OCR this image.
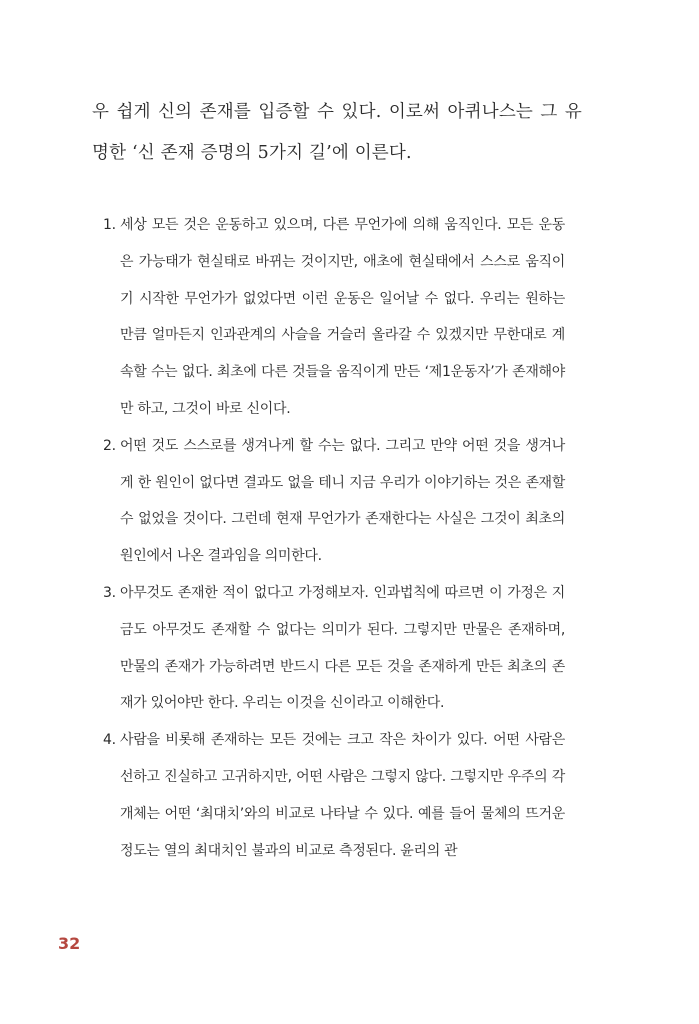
우 쉽게 신의 존재를 입증할 수 있다. 이로써 아퀴나스는 그 유명한 ‘신 존재 증명의 5가지 길’에 이른다.

1. 세상 모든 것은 운동하고 있으며, 다른 무언가에 의해 움직인다. 모든 운동은 가능태가 현실태로 바뀌는 것이지만, 애초에 현실태에서 스스로 움직이기 시작한 무언가가 없었다면 이런 운동은 일어날 수 없다. 우리는 원하는 만큼 얼마든지 인과관계의 사슬을 거슬러 올라갈 수 있겠지만 무한대로 계속할 수는 없다. 최초에 다른 것들을 움직이게 만든 ‘제1운동자’가 존재해야만 하고, 그것이 바로 신이다.
2. 어떤 것도 스스로를 생겨나게 할 수는 없다. 그리고 만약 어떤 것을 생겨나게 한 원인이 없다면 결과도 없을 테니 지금 우리가 이야기하는 것은 존재할 수 없었을 것이다. 그런데 현재 무언가가 존재한다는 사실은 그것이 최초의 원인에서 나온 결과임을 의미한다.
3. 아무것도 존재한 적이 없다고 가정해보자. 인과법칙에 따르면 이 가정은 지금도 아무것도 존재할 수 없다는 의미가 된다. 그렇지만 만물은 존재하며, 만물의 존재가 가능하려면 반드시 다른 모든 것을 존재하게 만든 최초의 존재가 있어야만 한다. 우리는 이것을 신이라고 이해한다.
4. 사람을 비롯해 존재하는 모든 것에는 크고 작은 차이가 있다. 어떤 사람은 선하고 진실하고 고귀하지만, 어떤 사람은 그렇지 않다. 그렇지만 우주의 각 개체는 어떤 ‘최대치’와의 비교로 나타날 수 있다. 예를 들어 물체의 뜨거운 정도는 열의 최대치인 불과의 비교로 측정된다. 윤리의 관
32
